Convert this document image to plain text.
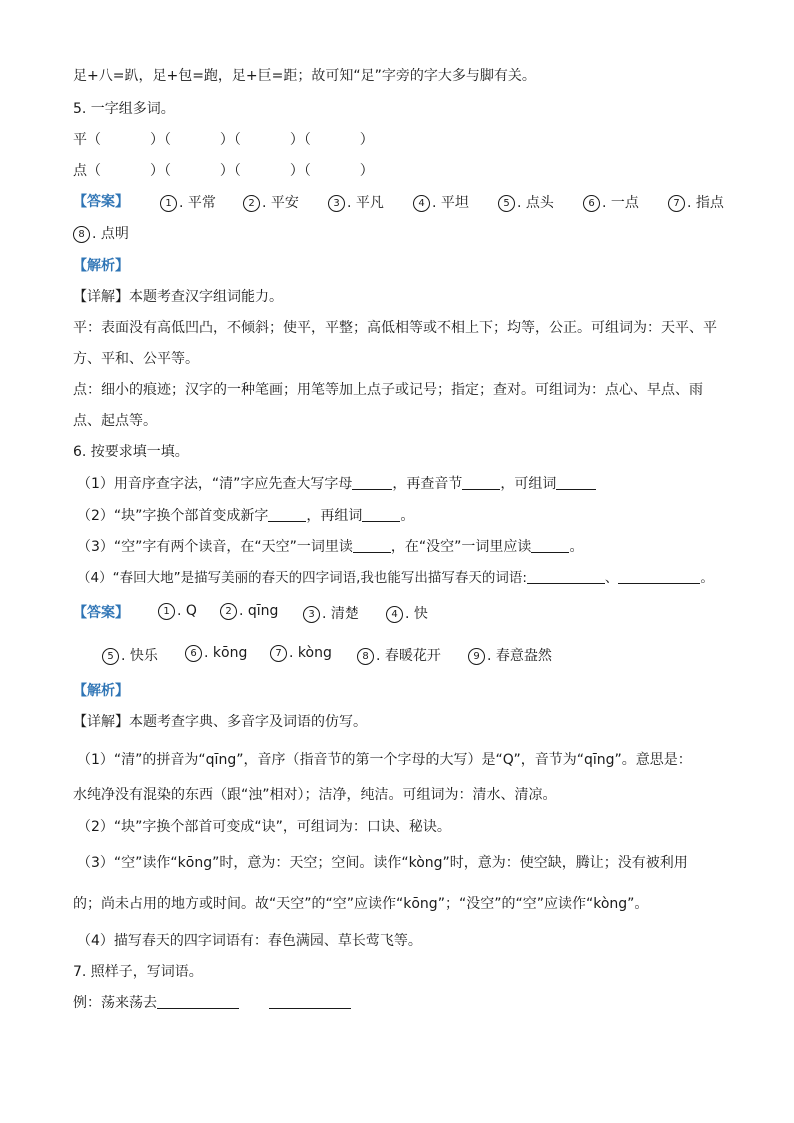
足+八=趴，足+包=跑，足+巨=距；故可知“足”字旁的字大多与脚有关。
5. 一字组多词。
平（           ）（           ）（           ）（           ）
点（           ）（           ）（           ）（           ）
【答案】	1 . 平常	2 . 平安	3 . 平凡	4 . 平坦	5 . 点头	6 . 一点	7 . 指点
8 . 点明
【解析】
【详解】本题考查汉字组词能力。
平：表面没有高低凹凸，不倾斜；使平，平整；高低相等或不相上下；均等，公正。可组词为：天平、平
方、平和、公平等。
点：细小的痕迹；汉字的一种笔画；用笔等加上点子或记号；指定；查对。可组词为：点心、早点、雨
点、起点等。
6. 按要求填一填。
（1）用音序查字法，“清”字应先查大写字母	，再查音节	，可组词
（2）“块”字换个部首变成新字	，再组词	。
（3）“空”字有两个读音，在“天空”一词里读	，在“没空”一词里应读	。
（4）“春回大地”是描写美丽的春天的四字词语,我也能写出描写春天的词语:	、	。
【答案】	1 . Q	2 . qīng	3 . 清楚	4 . 快
5 . 快乐	6 . kōng	7 . kòng	8 . 春暖花开	9 . 春意盎然
【解析】
【详解】本题考查字典、多音字及词语的仿写。
（1）“清”的拼音为“qīng”，音序（指音节的第一个字母的大写）是“Q”，音节为“qīng”。意思是：
水纯净没有混染的东西（跟“浊”相对）；洁净，纯洁。可组词为：清水、清凉。
（2）“块”字换个部首可变成“诀”，可组词为：口诀、秘诀。
（3）“空”读作“kōng”时，意为：天空；空间。读作“kòng”时，意为：使空缺，腾让；没有被利用
的；尚未占用的地方或时间。故“天空”的“空”应读作“kōng”；“没空”的“空”应读作“kòng”。
（4）描写春天的四字词语有：春色满园、草长莺飞等。
7. 照样子，写词语。
例：荡来荡去
